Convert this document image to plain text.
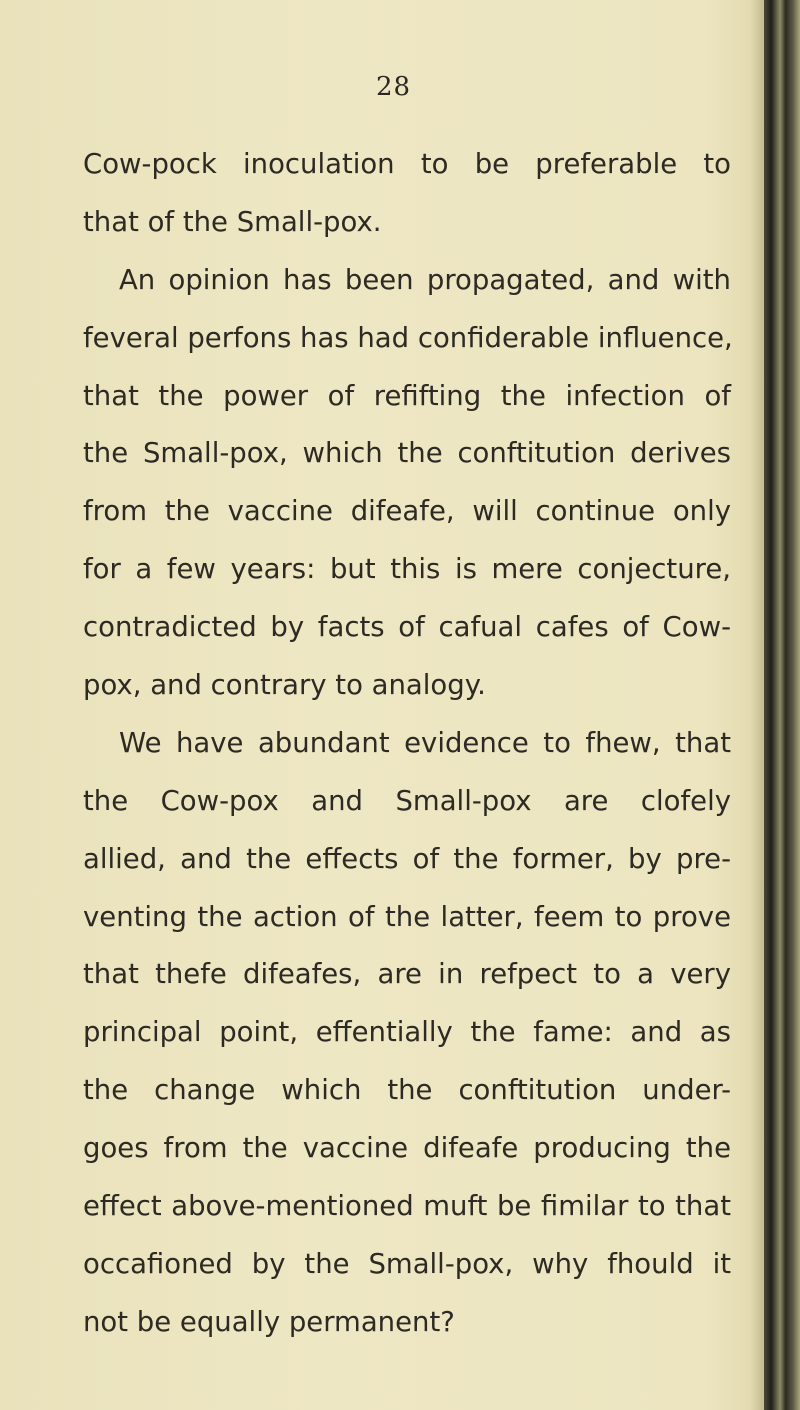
28
Cow-pock inoculation to be preferable to
that of the Small-pox.
An opinion has been propagated, and with
feveral perfons has had confiderable influence,
that the power of refifting the infection of
the Small-pox, which the conftitution derives
from the vaccine difeafe, will continue only
for a few years: but this is mere conjecture,
contradicted by facts of cafual cafes of Cow-
pox, and contrary to analogy.
We have abundant evidence to fhew, that
the Cow-pox and Small-pox are clofely
allied, and the effects of the former, by pre-
venting the action of the latter, feem to prove
that thefe difeafes, are in refpect to a very
principal point, effentially the fame: and as
the change which the conftitution under-
goes from the vaccine difeafe producing the
effect above-mentioned muft be fimilar to that
occafioned by the Small-pox, why fhould it
not be equally permanent?
